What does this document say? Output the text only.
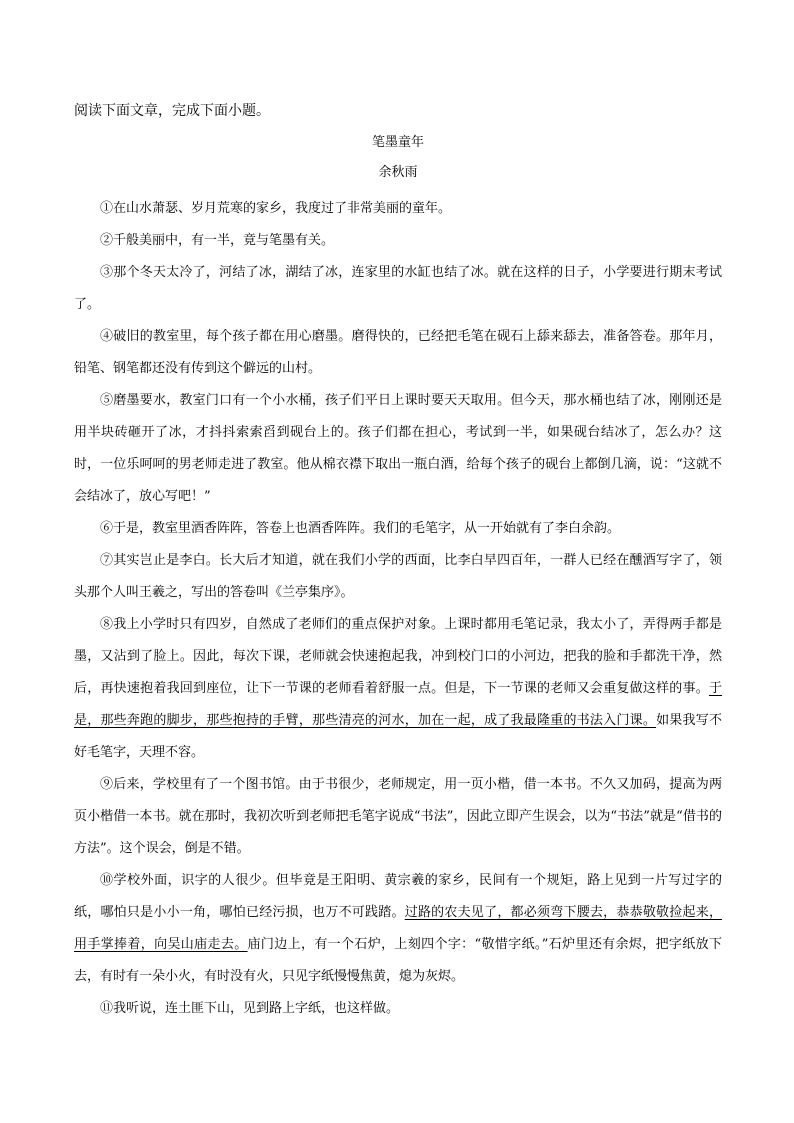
阅读下面文章，完成下面小题。
笔墨童年
余秋雨

①在山水萧瑟、岁月荒寒的家乡，我度过了非常美丽的童年。

②千般美丽中，有一半，竟与笔墨有关。

③那个冬天太冷了，河结了冰，湖结了冰，连家里的水缸也结了冰。就在这样的日子，小学要进行期末考试了。

④破旧的教室里，每个孩子都在用心磨墨。磨得快的，已经把毛笔在砚石上舔来舔去，准备答卷。那年月，铅笔、钢笔都还没有传到这个僻远的山村。

⑤磨墨要水，教室门口有一个小水桶，孩子们平日上课时要天天取用。但今天，那水桶也结了冰，刚刚还是用半块砖砸开了冰，才抖抖索索舀到砚台上的。孩子们都在担心，考试到一半，如果砚台结冰了，怎么办？这时，一位乐呵呵的男老师走进了教室。他从棉衣襟下取出一瓶白酒，给每个孩子的砚台上都倒几滴，说：“这就不会结冰了，放心写吧！”

⑥于是，教室里酒香阵阵，答卷上也酒香阵阵。我们的毛笔字，从一开始就有了李白余韵。

⑦其实岂止是李白。长大后才知道，就在我们小学的西面，比李白早四百年，一群人已经在醺酒写字了，领头那个人叫王羲之，写出的答卷叫《兰亭集序》。

⑧我上小学时只有四岁，自然成了老师们的重点保护对象。上课时都用毛笔记录，我太小了，弄得两手都是墨，又沾到了脸上。因此，每次下课，老师就会快速抱起我，冲到校门口的小河边，把我的脸和手都洗干净，然后，再快速抱着我回到座位，让下一节课的老师看着舒服一点。但是，下一节课的老师又会重复做这样的事。于是，那些奔跑的脚步，那些抱持的手臂，那些清亮的河水，加在一起，成了我最隆重的书法入门课。如果我写不好毛笔字，天理不容。

⑨后来，学校里有了一个图书馆。由于书很少，老师规定，用一页小楷，借一本书。不久又加码，提高为两页小楷借一本书。就在那时，我初次听到老师把毛笔字说成“书法”，因此立即产生误会，以为“书法”就是“借书的方法”。这个误会，倒是不错。

⑩学校外面，识字的人很少。但毕竟是王阳明、黄宗羲的家乡，民间有一个规矩，路上见到一片写过字的纸，哪怕只是小小一角，哪怕已经污损，也万不可践踏。过路的农夫见了，都必须弯下腰去，恭恭敬敬捡起来，用手掌捧着，向吴山庙走去。庙门边上，有一个石炉，上刻四个字：“敬惜字纸。”石炉里还有余烬，把字纸放下去，有时有一朵小火，有时没有火，只见字纸慢慢焦黄，熄为灰烬。

⑪我听说，连土匪下山，见到路上字纸，也这样做。
